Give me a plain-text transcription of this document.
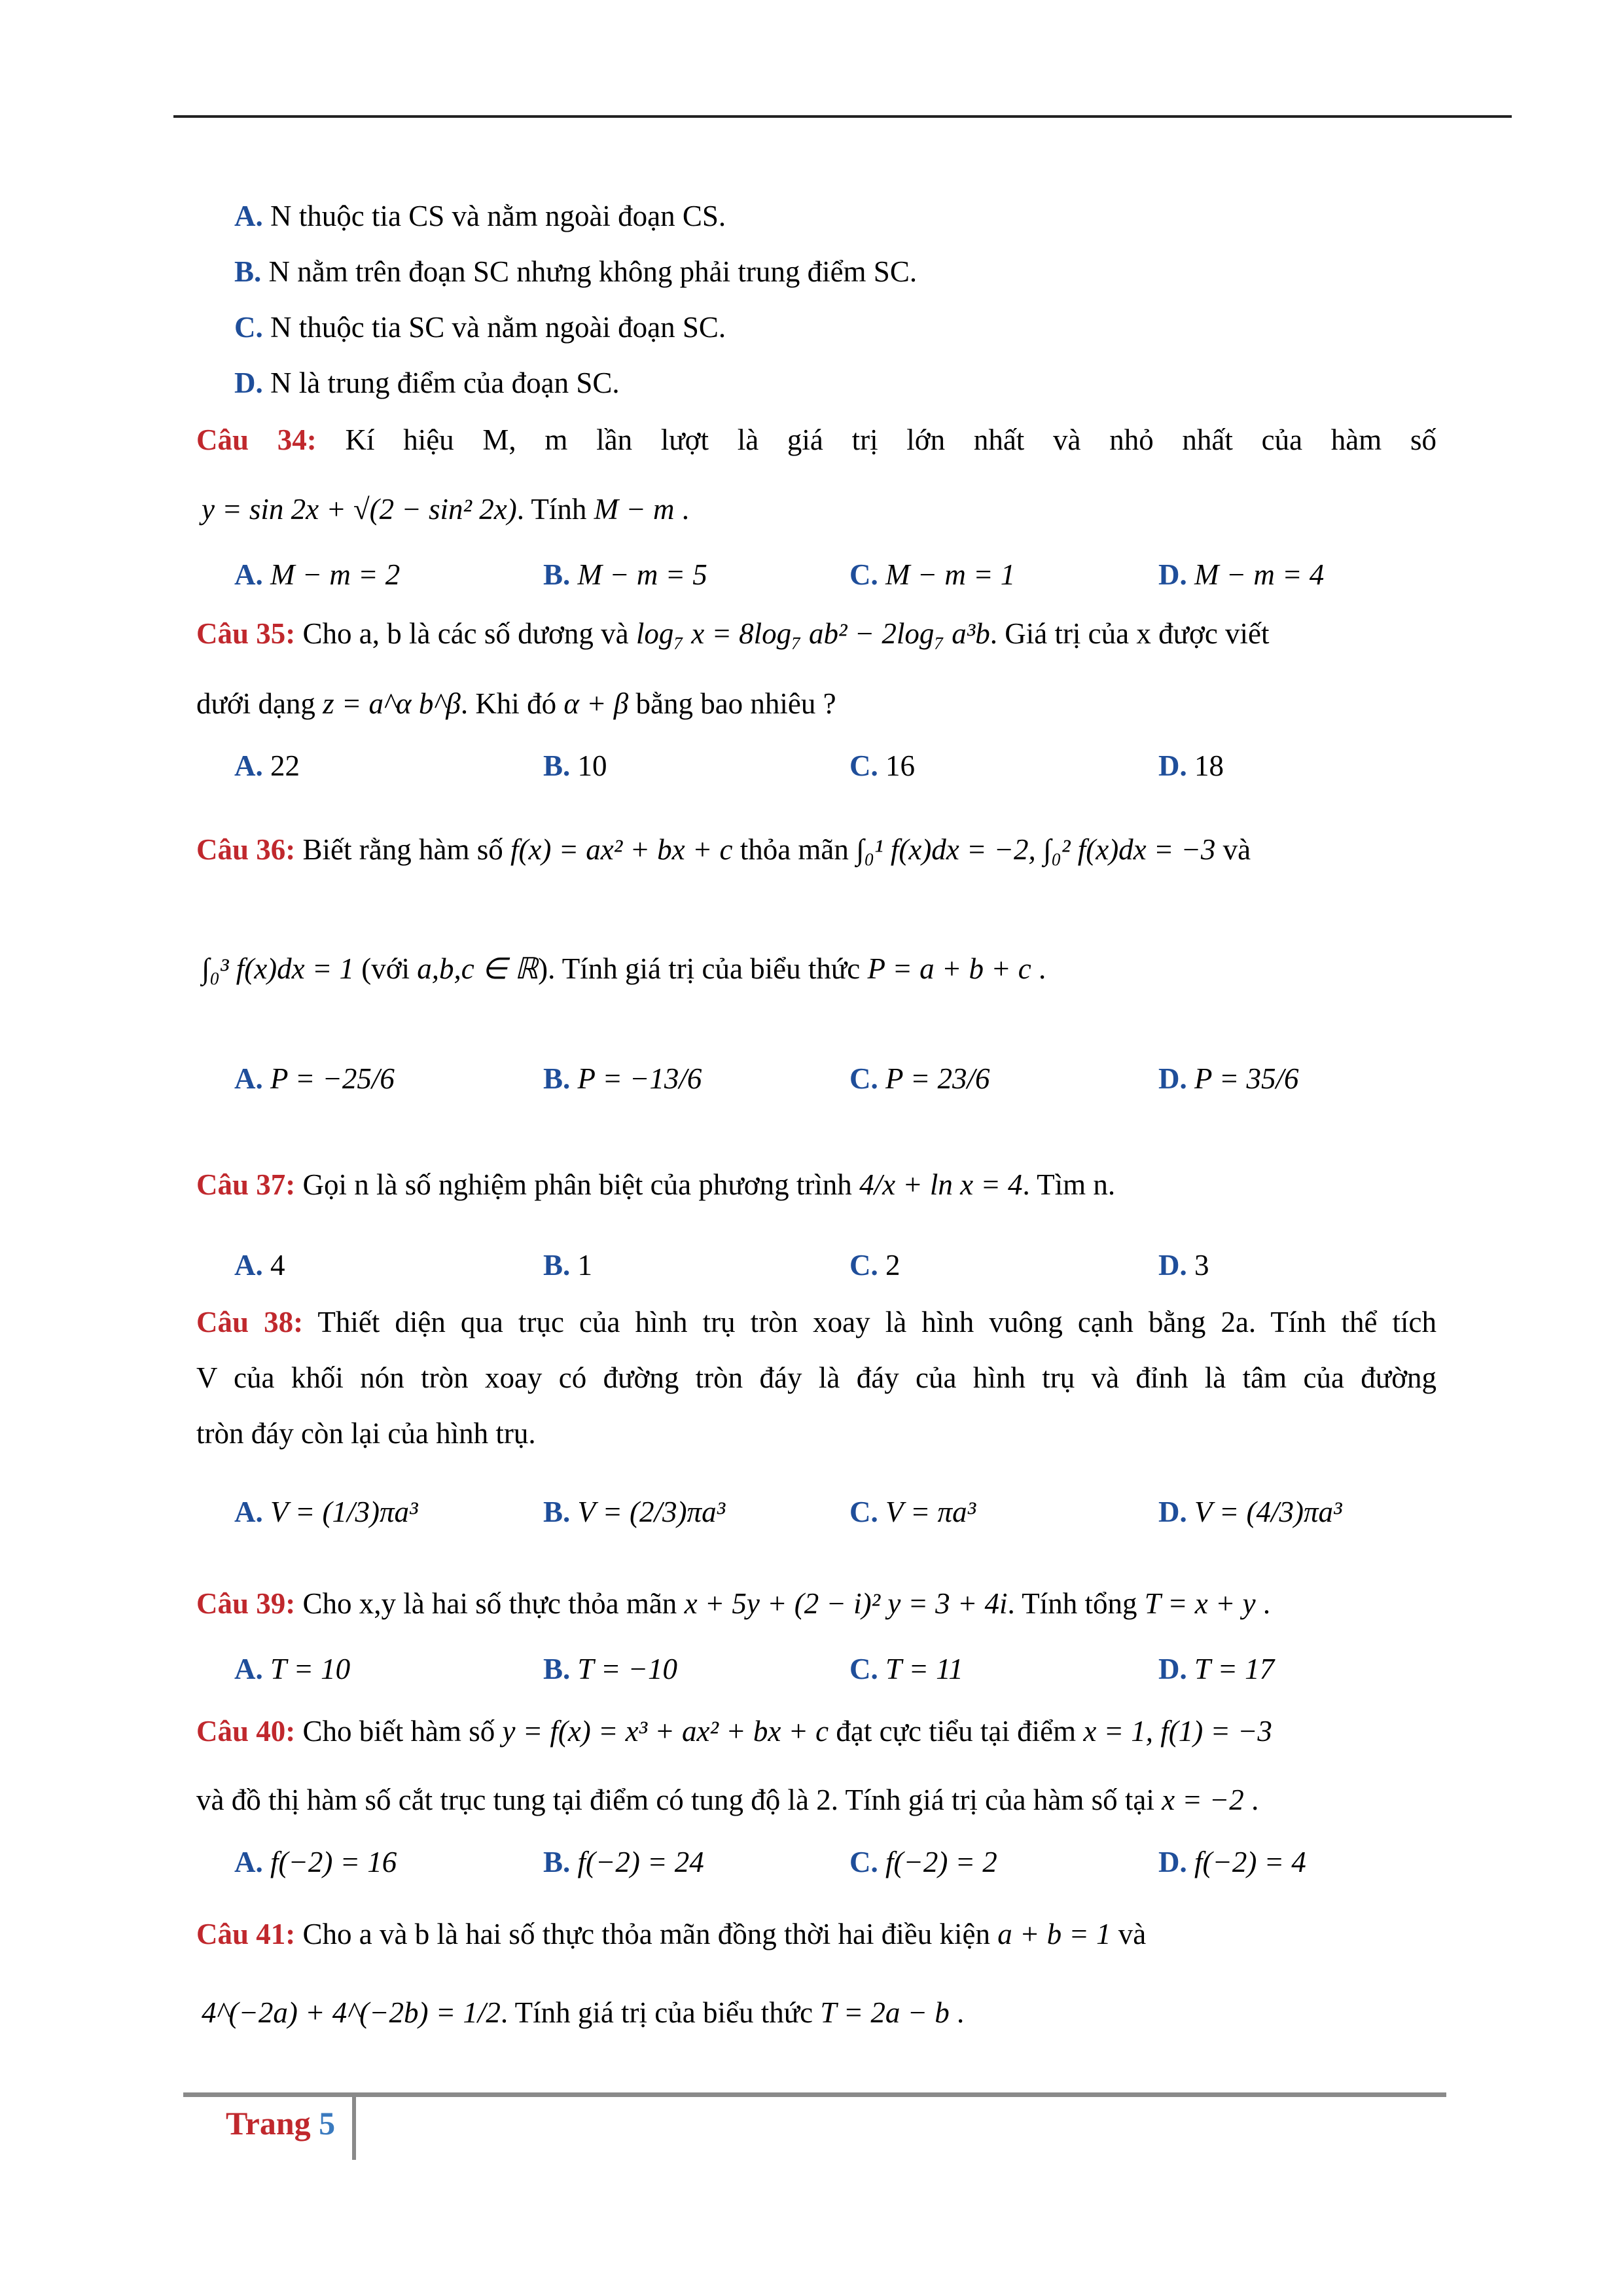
A. N thuộc tia CS và nằm ngoài đoạn CS.
B. N nằm trên đoạn SC nhưng không phải trung điểm SC.
C. N thuộc tia SC và nằm ngoài đoạn SC.
D. N là trung điểm của đoạn SC.
Câu 34: Kí hiệu M, m lần lượt là giá trị lớn nhất và nhỏ nhất của hàm số
y = sin 2x + √(2 − sin² 2x). Tính M − m .
A. M − m = 2	B. M − m = 5	C. M − m = 1	D. M − m = 4
Câu 35: Cho a, b là các số dương và log₇ x = 8log₇ ab² − 2log₇ a³b. Giá trị của x được viết
dưới dạng z = a^α b^β. Khi đó α + β bằng bao nhiêu ?
A. 22	B. 10	C. 16	D. 18
Câu 36: Biết rằng hàm số f(x) = ax² + bx + c thỏa mãn ∫₀¹ f(x)dx = −2, ∫₀² f(x)dx = −3 và
∫₀³ f(x)dx = 1 (với a,b,c ∈ ℝ). Tính giá trị của biểu thức P = a + b + c .
A. P = −25/6	B. P = −13/6	C. P = 23/6	D. P = 35/6
Câu 37: Gọi n là số nghiệm phân biệt của phương trình 4/x + ln x = 4. Tìm n.
A. 4	B. 1	C. 2	D. 3
Câu 38: Thiết diện qua trục của hình trụ tròn xoay là hình vuông cạnh bằng 2a. Tính thể tích
V của khối nón tròn xoay có đường tròn đáy là đáy của hình trụ và đỉnh là tâm của đường
tròn đáy còn lại của hình trụ.
A. V = (1/3)πa³	B. V = (2/3)πa³	C. V = πa³	D. V = (4/3)πa³
Câu 39: Cho x,y là hai số thực thỏa mãn x + 5y + (2 − i)² y = 3 + 4i. Tính tổng T = x + y .
A. T = 10	B. T = −10	C. T = 11	D. T = 17
Câu 40: Cho biết hàm số y = f(x) = x³ + ax² + bx + c đạt cực tiểu tại điểm x = 1, f(1) = −3
và đồ thị hàm số cắt trục tung tại điểm có tung độ là 2. Tính giá trị của hàm số tại x = −2 .
A. f(−2) = 16	B. f(−2) = 24	C. f(−2) = 2	D. f(−2) = 4
Câu 41: Cho a và b là hai số thực thỏa mãn đồng thời hai điều kiện a + b = 1 và
4^(−2a) + 4^(−2b) = 1/2. Tính giá trị của biểu thức T = 2a − b .
Trang 5
